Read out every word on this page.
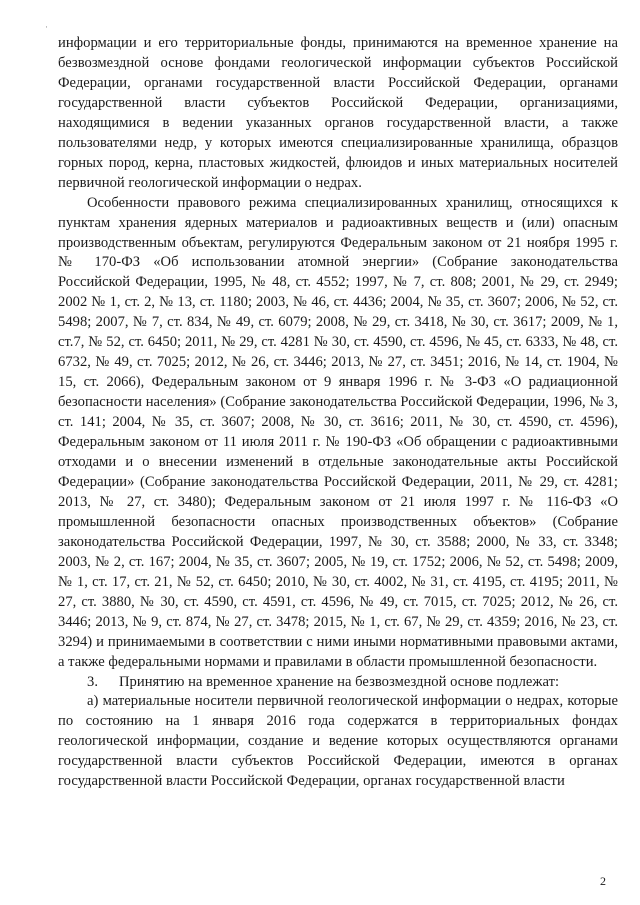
·

информации и его территориальные фонды, принимаются на временное хранение на безвозмездной основе фондами геологической информации субъектов Российской Федерации, органами государственной власти Российской Федерации, органами государственной власти субъектов Российской Федерации, организациями, находящимися в ведении указанных органов государственной власти, а также пользователями недр, у которых имеются специализированные хранилища, образцов горных пород, керна, пластовых жидкостей, флюидов и иных материальных носителей первичной геологической информации о недрах.

Особенности правового режима специализированных хранилищ, относящихся к пунктам хранения ядерных материалов и радиоактивных веществ и (или) опасным производственным объектам, регулируются Федеральным законом от 21 ноября 1995 г. № 170-ФЗ «Об использовании атомной энергии» (Собрание законодательства Российской Федерации, 1995, № 48, ст. 4552; 1997, № 7, ст. 808; 2001, № 29, ст. 2949; 2002 № 1, ст. 2, № 13, ст. 1180; 2003, № 46, ст. 4436; 2004, № 35, ст. 3607; 2006, № 52, ст. 5498; 2007, № 7, ст. 834, № 49, ст. 6079; 2008, № 29, ст. 3418, № 30, ст. 3617; 2009, № 1, ст.7, № 52, ст. 6450; 2011, № 29, ст. 4281 № 30, ст. 4590, ст. 4596, № 45, ст. 6333, № 48, ст. 6732, № 49, ст. 7025; 2012, № 26, ст. 3446; 2013, № 27, ст. 3451; 2016, № 14, ст. 1904, № 15, ст. 2066), Федеральным законом от 9 января 1996 г. № 3-ФЗ «О радиационной безопасности населения» (Собрание законодательства Российской Федерации, 1996, № 3, ст. 141; 2004, № 35, ст. 3607; 2008, № 30, ст. 3616; 2011, № 30, ст. 4590, ст. 4596), Федеральным законом от 11 июля 2011 г. № 190-ФЗ «Об обращении с радиоактивными отходами и о внесении изменений в отдельные законодательные акты Российской Федерации» (Собрание законодательства Российской Федерации, 2011, № 29, ст. 4281; 2013, № 27, ст. 3480); Федеральным законом от 21 июля 1997 г. № 116-ФЗ «О промышленной безопасности опасных производственных объектов» (Собрание законодательства Российской Федерации, 1997, № 30, ст. 3588; 2000, № 33, ст. 3348; 2003, № 2, ст. 167; 2004, № 35, ст. 3607; 2005, № 19, ст. 1752; 2006, № 52, ст. 5498; 2009, № 1, ст. 17, ст. 21, № 52, ст. 6450; 2010, № 30, ст. 4002, № 31, ст. 4195, ст. 4195; 2011, № 27, ст. 3880, № 30, ст. 4590, ст. 4591, ст. 4596, № 49, ст. 7015, ст. 7025; 2012, № 26, ст. 3446; 2013, № 9, ст. 874, № 27, ст. 3478; 2015, № 1, ст. 67, № 29, ст. 4359; 2016, № 23, ст. 3294) и принимаемыми в соответствии с ними иными нормативными правовыми актами, а также федеральными нормами и правилами в области промышленной безопасности.

3. Принятию на временное хранение на безвозмездной основе подлежат:

а) материальные носители первичной геологической информации о недрах, которые по состоянию на 1 января 2016 года содержатся в территориальных фондах геологической информации, создание и ведение которых осуществляются органами государственной власти субъектов Российской Федерации, имеются в органах государственной власти Российской Федерации, органах государственной власти

2
